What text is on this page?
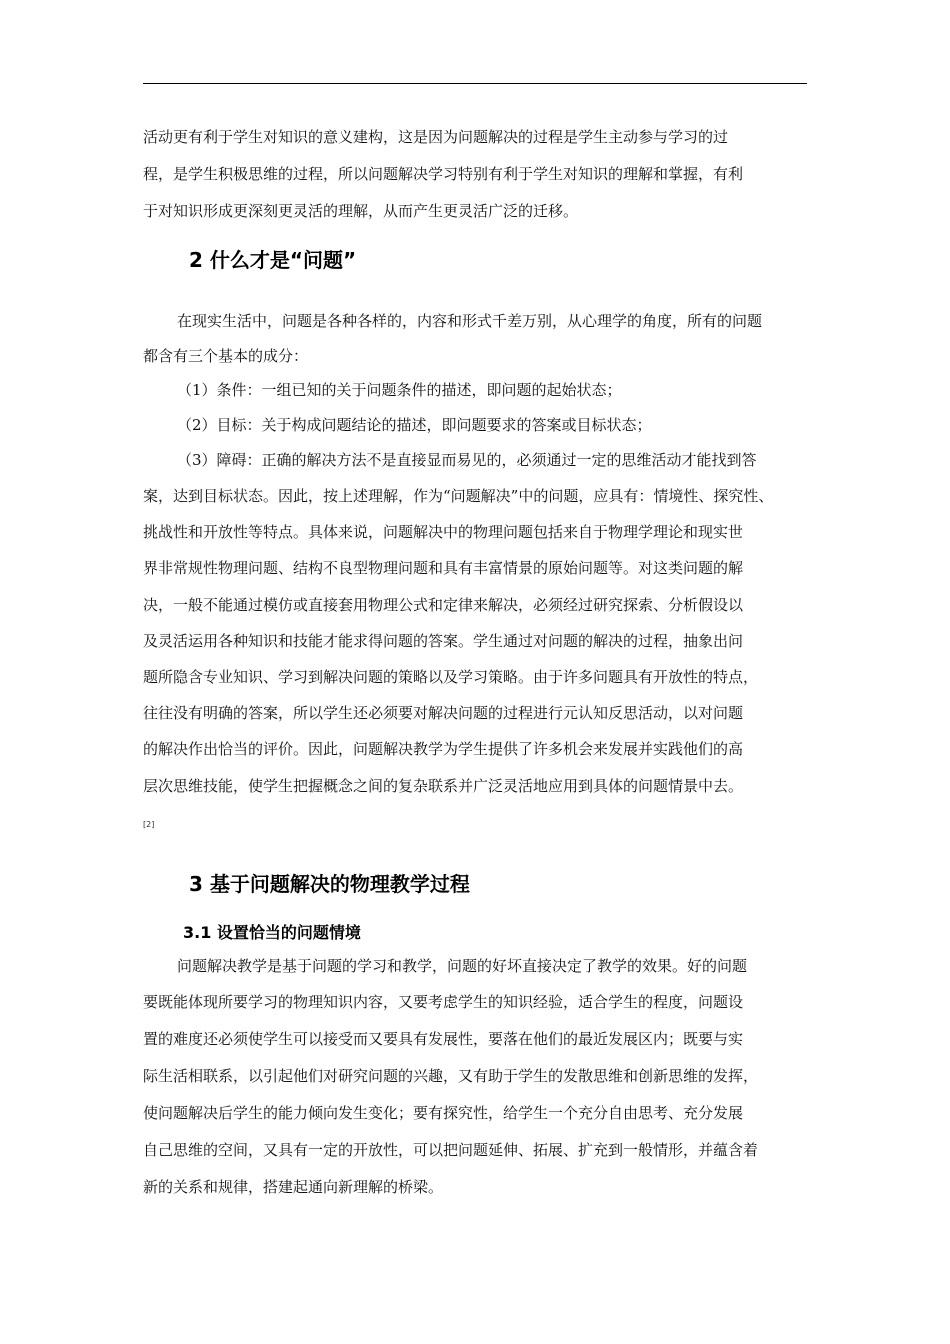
活动更有利于学生对知识的意义建构，这是因为问题解决的过程是学生主动参与学习的过
程，是学生积极思维的过程，所以问题解决学习特别有利于学生对知识的理解和掌握，有利
于对知识形成更深刻更灵活的理解，从而产生更灵活广泛的迁移。
2 什么才是“问题”
在现实生活中，问题是各种各样的，内容和形式千差万别，从心理学的角度，所有的问题
都含有三个基本的成分：
（1）条件：一组已知的关于问题条件的描述，即问题的起始状态；
（2）目标：关于构成问题结论的描述，即问题要求的答案或目标状态；
（3）障碍：正确的解决方法不是直接显而易见的，必须通过一定的思维活动才能找到答
案，达到目标状态。因此，按上述理解，作为“问题解决”中的问题，应具有：情境性、探究性、
挑战性和开放性等特点。具体来说，问题解决中的物理问题包括来自于物理学理论和现实世
界非常规性物理问题、结构不良型物理问题和具有丰富情景的原始问题等。对这类问题的解
决，一般不能通过模仿或直接套用物理公式和定律来解决，必须经过研究探索、分析假设以
及灵活运用各种知识和技能才能求得问题的答案。学生通过对问题的解决的过程，抽象出问
题所隐含专业知识、学习到解决问题的策略以及学习策略。由于许多问题具有开放性的特点，
往往没有明确的答案，所以学生还必须要对解决问题的过程进行元认知反思活动，以对问题
的解决作出恰当的评价。因此，问题解决教学为学生提供了许多机会来发展并实践他们的高
层次思维技能，使学生把握概念之间的复杂联系并广泛灵活地应用到具体的问题情景中去。
[2]
3 基于问题解决的物理教学过程
3.1 设置恰当的问题情境
问题解决教学是基于问题的学习和教学，问题的好坏直接决定了教学的效果。好的问题
要既能体现所要学习的物理知识内容，又要考虑学生的知识经验，适合学生的程度，问题设
置的难度还必须使学生可以接受而又要具有发展性，要落在他们的最近发展区内；既要与实
际生活相联系，以引起他们对研究问题的兴趣，又有助于学生的发散思维和创新思维的发挥，
使问题解决后学生的能力倾向发生变化；要有探究性，给学生一个充分自由思考、充分发展
自己思维的空间，又具有一定的开放性，可以把问题延伸、拓展、扩充到一般情形，并蕴含着
新的关系和规律，搭建起通向新理解的桥梁。
